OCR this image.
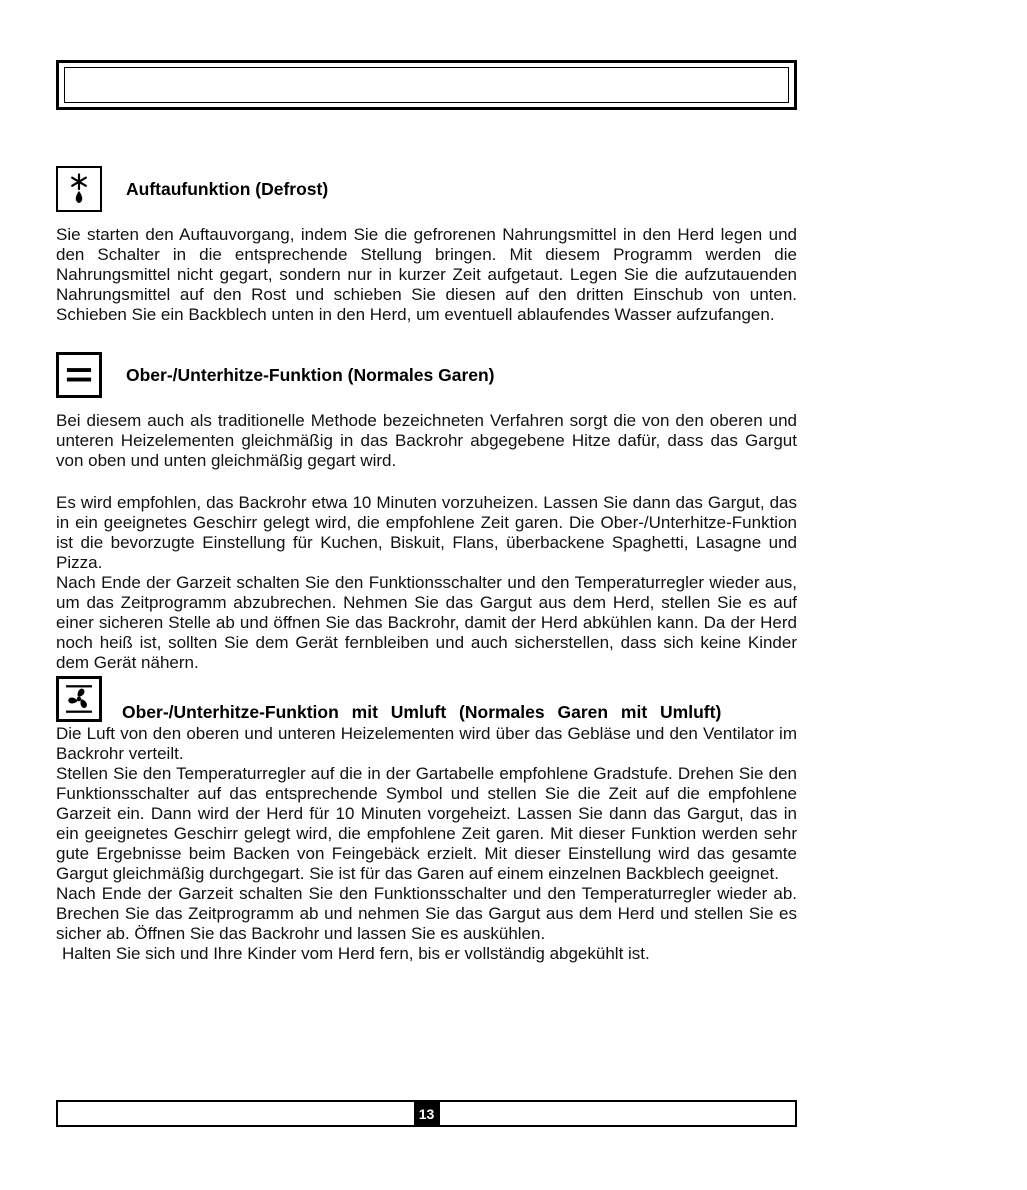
Auftaufunktion (Defrost)

Sie starten den Auftauvorgang, indem Sie die gefrorenen Nahrungsmittel in den Herd legen und den Schalter in die entsprechende Stellung bringen. Mit diesem Programm werden die Nahrungsmittel nicht gegart, sondern nur in kurzer Zeit aufgetaut. Legen Sie die aufzutauenden Nahrungsmittel auf den Rost und schieben Sie diesen auf den dritten Einschub von unten. Schieben Sie ein Backblech unten in den Herd, um eventuell ablaufendes Wasser aufzufangen.

Ober-/Unterhitze-Funktion (Normales Garen)

Bei diesem auch als traditionelle Methode bezeichneten Verfahren sorgt die von den oberen und unteren Heizelementen gleichmäßig in das Backrohr abgegebene Hitze dafür, dass das Gargut von oben und unten gleichmäßig gegart wird.

Es wird empfohlen, das Backrohr etwa 10 Minuten vorzuheizen. Lassen Sie dann das Gargut, das in ein geeignetes Geschirr gelegt wird, die empfohlene Zeit garen. Die Ober-/Unterhitze-Funktion ist die bevorzugte Einstellung für Kuchen, Biskuit, Flans, überbackene Spaghetti, Lasagne und Pizza.

Nach Ende der Garzeit schalten Sie den Funktionsschalter und den Temperaturregler wieder aus, um das Zeitprogramm abzubrechen. Nehmen Sie das Gargut aus dem Herd, stellen Sie es auf einer sicheren Stelle ab und öffnen Sie das Backrohr, damit der Herd abkühlen kann. Da der Herd noch heiß ist, sollten Sie dem Gerät fernbleiben und auch sicherstellen, dass sich keine Kinder dem Gerät nähern.

Ober-/Unterhitze-Funktion mit Umluft (Normales Garen mit Umluft)

Die Luft von den oberen und unteren Heizelementen wird über das Gebläse und den Ventilator im Backrohr verteilt.

Stellen Sie den Temperaturregler auf die in der Gartabelle empfohlene Gradstufe. Drehen Sie den Funktionsschalter auf das entsprechende Symbol und stellen Sie die Zeit auf die empfohlene Garzeit ein. Dann wird der Herd für 10 Minuten vorgeheizt. Lassen Sie dann das Gargut, das in ein geeignetes Geschirr gelegt wird, die empfohlene Zeit garen. Mit dieser Funktion werden sehr gute Ergebnisse beim Backen von Feingebäck erzielt. Mit dieser Einstellung wird das gesamte Gargut gleichmäßig durchgegart. Sie ist für das Garen auf einem einzelnen Backblech geeignet.

Nach Ende der Garzeit schalten Sie den Funktionsschalter und den Temperaturregler wieder ab. Brechen Sie das Zeitprogramm ab und nehmen Sie das Gargut aus dem Herd und stellen Sie es sicher ab. Öffnen Sie das Backrohr und lassen Sie es auskühlen.

Halten Sie sich und Ihre Kinder vom Herd fern, bis er vollständig abgekühlt ist.

13
